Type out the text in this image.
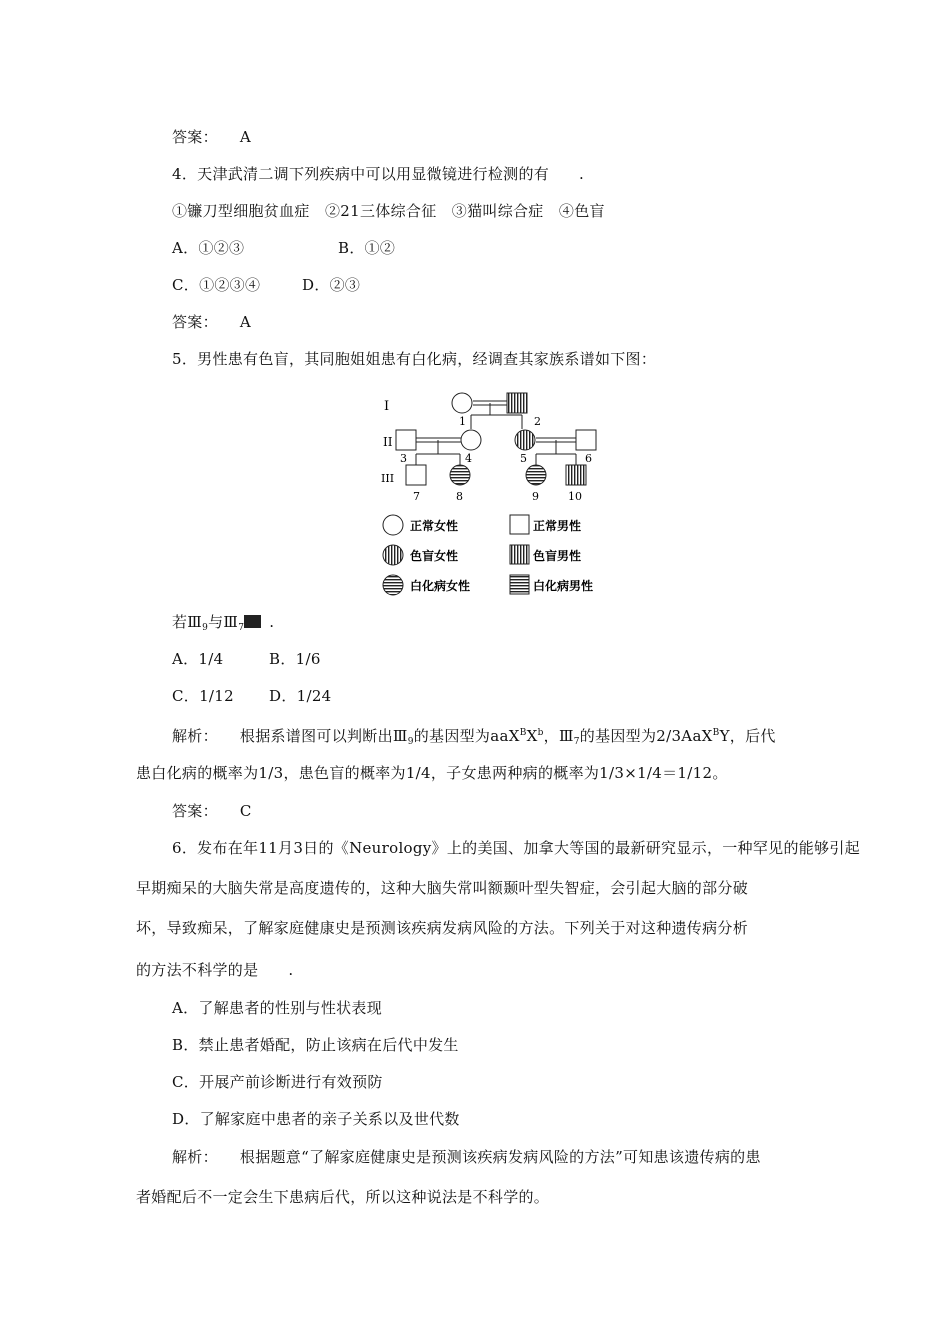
答案： A
4．天津武清二调下列疾病中可以用显微镜进行检测的有 .
①镰刀型细胞贫血症　②21三体综合征　③猫叫综合症　④色盲
A．①②③	B．①②
C．①②③④	D．②③
答案： A
5．男性患有色盲，其同胞姐姐患有白化病，经调查其家族系谱如下图：
I
II
III
1	2
3	4	5	6
7	8	9	10
正常女性	正常男性
色盲女性	色盲男性
白化病女性	白化病男性
若$Ⅲ_9$与$Ⅲ_7$ .
A．1/4	B．1/6
C．1/12 D．1/24
解析： 根据系谱图可以判断出$Ⅲ_9$的基因型为$aaX^BX^b$，$Ⅲ_7$的基因型为2/3AaX$^B$Y，后代
患白化病的概率为1/3，患色盲的概率为1/4，子女患两种病的概率为1/3×1/4＝1/12。
答案： C
6．发布在年11月3日的《Neurology》上的美国、加拿大等国的最新研究显示，一种罕见的能够引起
早期痴呆的大脑失常是高度遗传的，这种大脑失常叫额颞叶型失智症，会引起大脑的部分破
坏，导致痴呆，了解家庭健康史是预测该疾病发病风险的方法。下列关于对这种遗传病分析
的方法不科学的是 .
A．了解患者的性别与性状表现
B．禁止患者婚配，防止该病在后代中发生
C．开展产前诊断进行有效预防
D．了解家庭中患者的亲子关系以及世代数
解析： 根据题意“了解家庭健康史是预测该疾病发病风险的方法”可知患该遗传病的患
者婚配后不一定会生下患病后代，所以这种说法是不科学的。
